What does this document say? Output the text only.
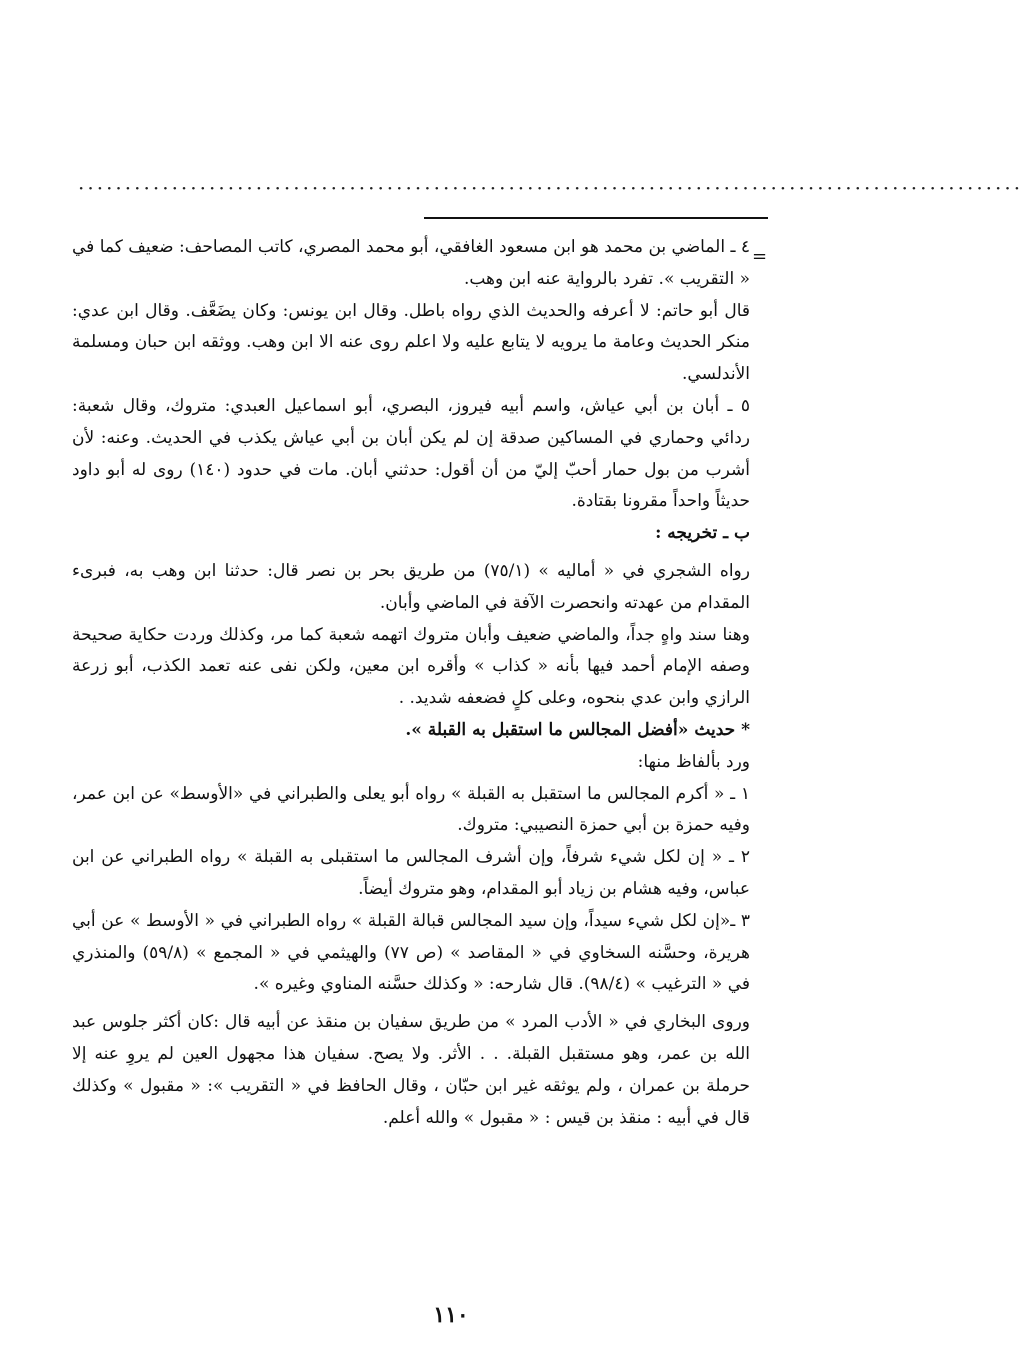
·····································································································
=

٤ ـ الماضي بن محمد هو ابن مسعود الغافقي، أبو محمد المصري، كاتب المصاحف: ضعيف كما في « التقريب ». تفرد بالرواية عنه ابن وهب.

قال أبو حاتم: لا أعرفه والحديث الذي رواه باطل. وقال ابن يونس: وكان يضَعَّف. وقال ابن عدي: منكر الحديث وعامة ما يرويه لا يتابع عليه ولا اعلم روى عنه الا ابن وهب. ووثقه ابن حبان ومسلمة الأندلسي.

٥ ـ أبان بن أبي عياش، واسم أبيه فيروز، البصري، أبو اسماعيل العبدي: متروك، وقال شعبة: ردائي وحماري في المساكين صدقة إن لم يكن أبان بن أبي عياش يكذب في الحديث. وعنه: لأن أشرب من بول حمار أحبّ إليّ من أن أقول: حدثني أبان. مات في حدود (١٤٠) روى له أبو داود حديثاً واحداً مقرونا بقتادة.

ب ـ تخريجه :

رواه الشجري في « أماليه » (٧٥/١) من طريق بحر بن نصر قال: حدثنا ابن وهب به، فبرىء المقدام من عهدته وانحصرت الآفة في الماضي وأبان.

وهنا سند واهٍ جداً، والماضي ضعيف وأبان متروك اتهمه شعبة كما مر، وكذلك وردت حكاية صحيحة وصفه الإمام أحمد فيها بأنه « كذاب » وأقره ابن معين، ولكن نفى عنه تعمد الكذب، أبو زرعة الرازي وابن عدي بنحوه، وعلى كلٍ فضعفه شديد. .

* حديث «أفضل المجالس ما استقبل به القبلة ».

ورد بألفاظ منها:

١ ـ « أكرم المجالس ما استقبل به القبلة » رواه أبو يعلى والطبراني في «الأوسط» عن ابن عمر، وفيه حمزة بن أبي حمزة النصيبي: متروك.

٢ ـ « إن لكل شيء شرفاً، وإن أشرف المجالس ما استقبلى به القبلة » رواه الطبراني عن ابن عباس، وفيه هشام بن زياد أبو المقدام، وهو متروك أيضاً.

٣ ـ«إن لكل شيء سيداً، وإن سيد المجالس قبالة القبلة » رواه الطبراني في « الأوسط » عن أبي هريرة، وحسَّنه السخاوي في « المقاصد » (ص ٧٧) والهيثمي في « المجمع » (٥٩/٨) والمنذري في « الترغيب » (٩٨/٤). قال شارحه: « وكذلك حسَّنه المناوي وغيره ».

وروى البخاري في « الأدب المرد » من طريق سفيان بن منقذ عن أبيه قال :كان أكثر جلوس عبد الله بن عمر، وهو مستقبل القبلة. . . الأثر. ولا يصح. سفيان هذا مجهول العين لم يروِ عنه إلا حرملة بن عمران ، ولم يوثقه غير ابن حبّان ، وقال الحافظ في « التقريب »: « مقبول » وكذلك قال في أبيه : منقذ بن قيس : « مقبول » والله أعلم.

١١٠
